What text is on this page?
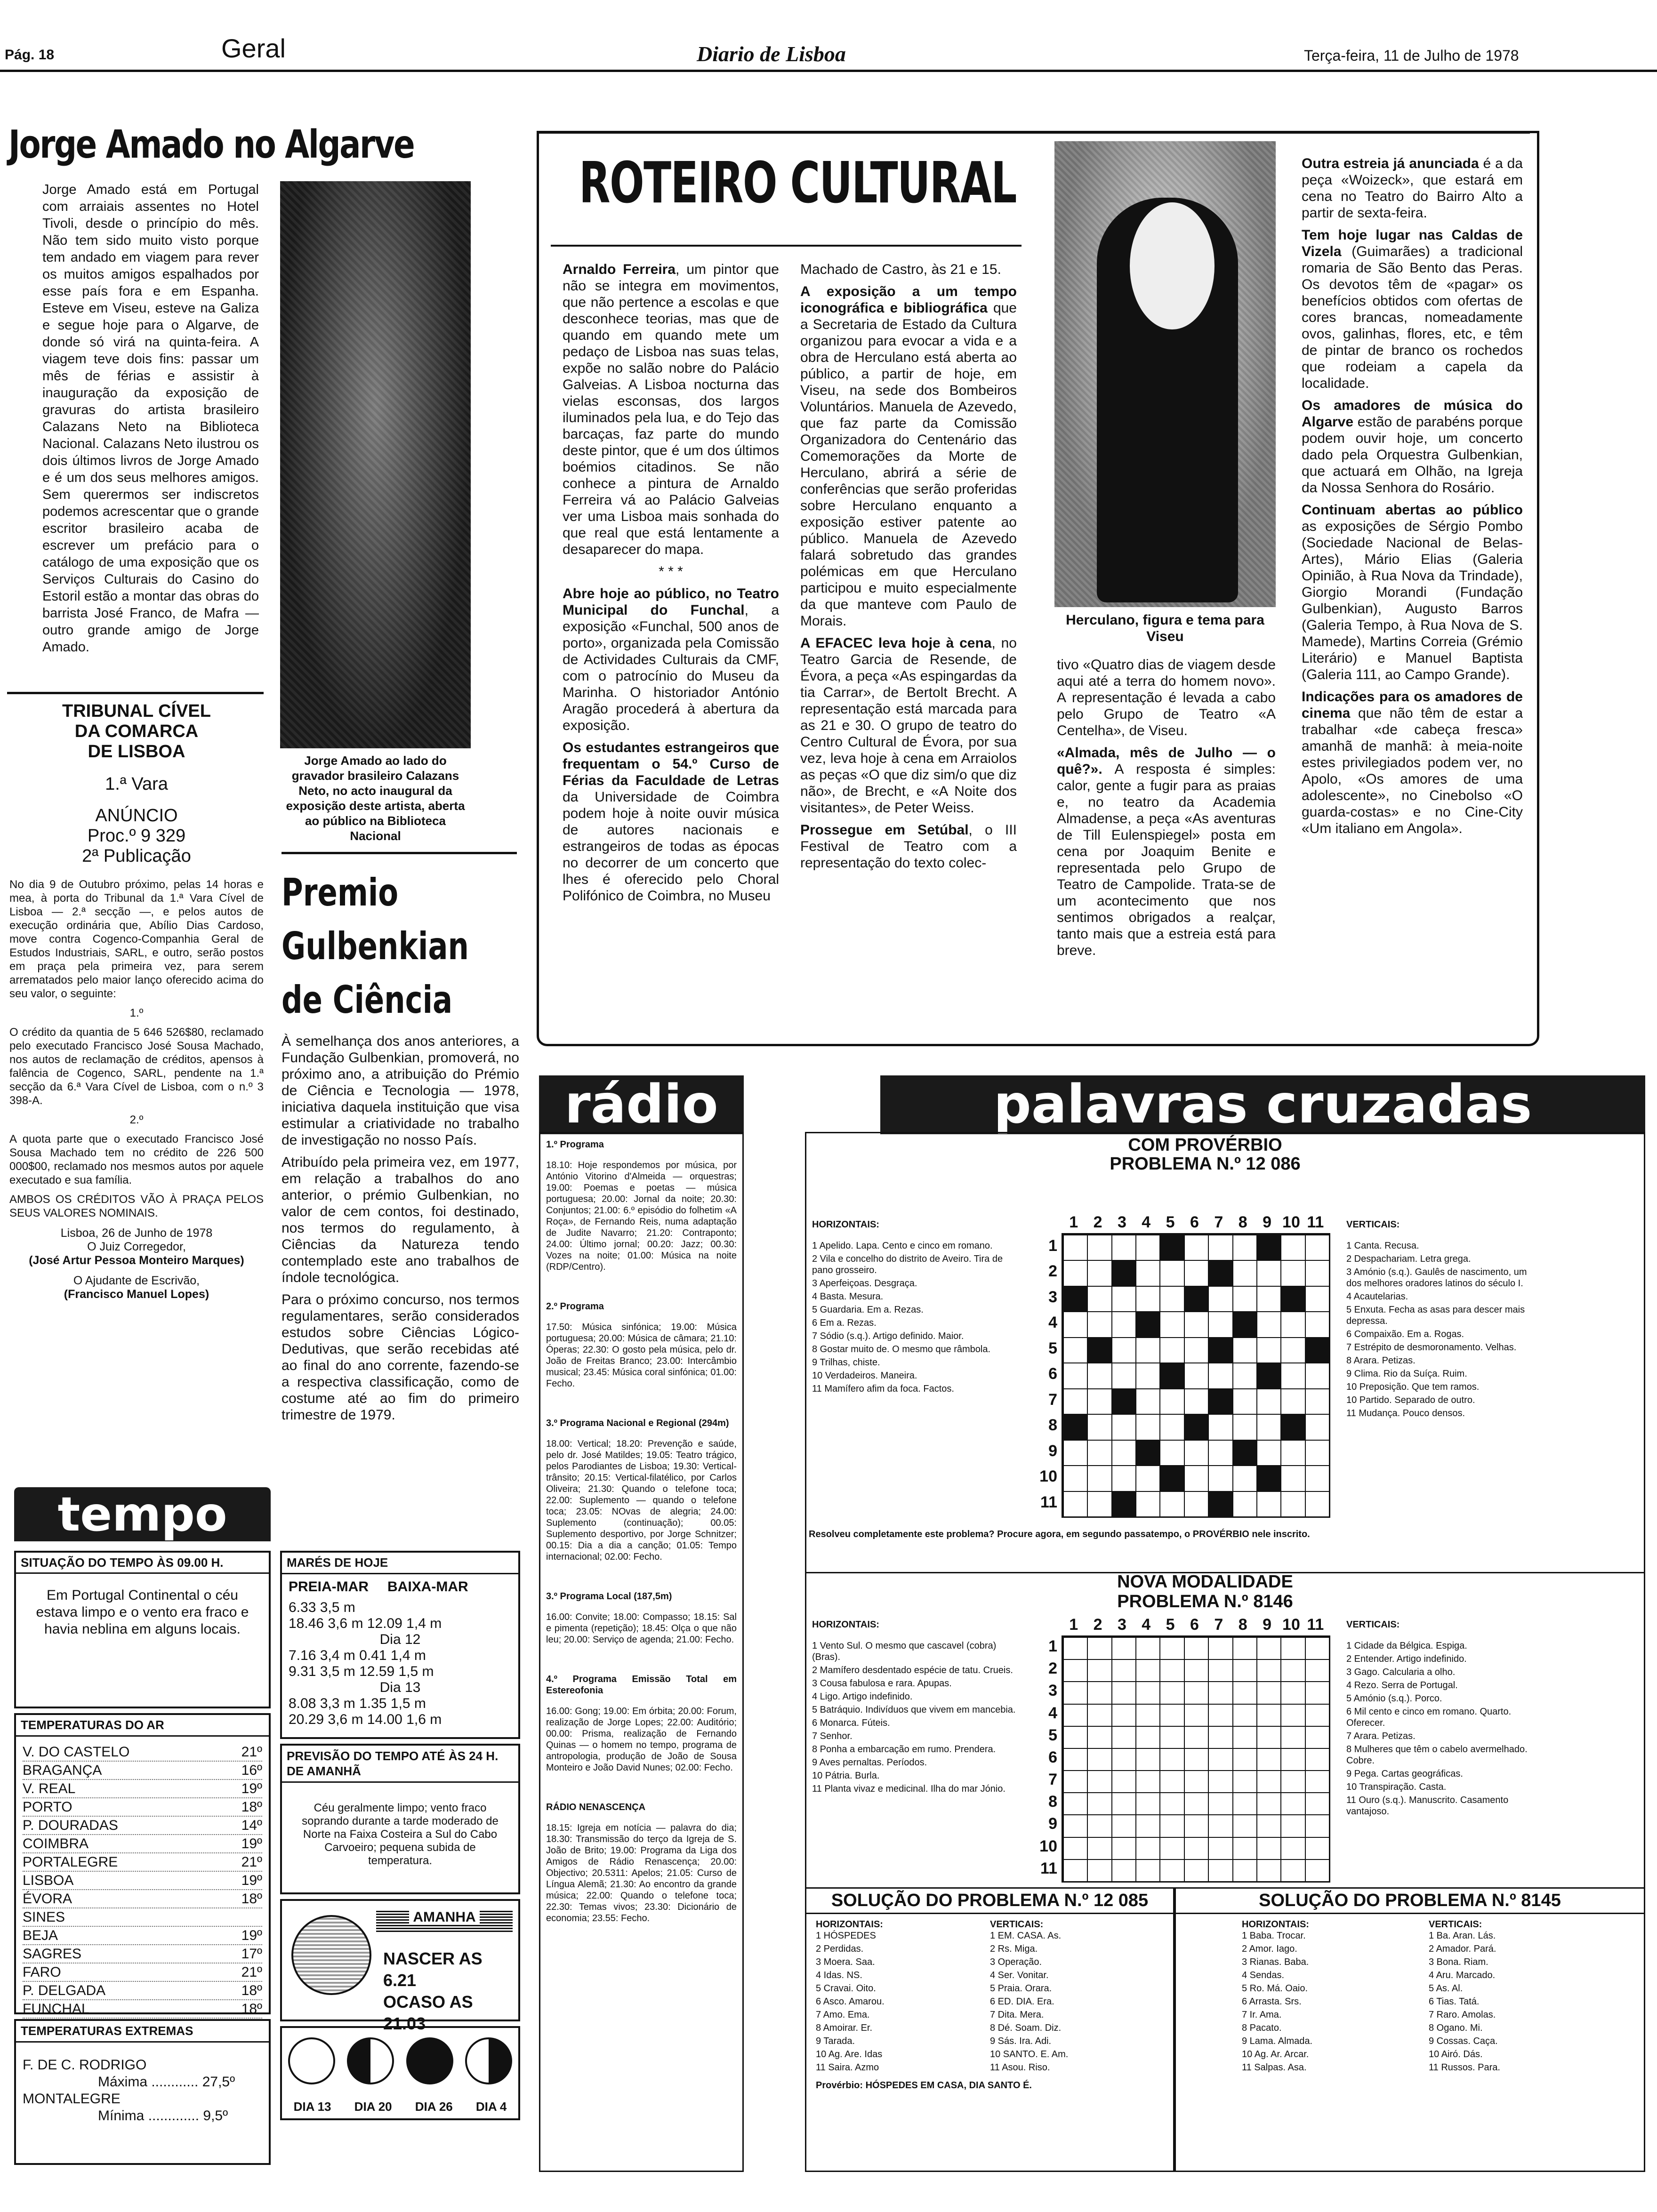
Pág. 18	Geral	Diario de Lisboa	Terça-feira, 11 de Julho de 1978
Jorge Amado no Algarve
Jorge Amado está em Portugal com arraiais assentes no Hotel Tivoli, desde o princípio do mês. Não tem sido muito visto porque tem andado em viagem para rever os muitos amigos espalhados por esse país fora e em Espanha. Esteve em Viseu, esteve na Galiza e segue hoje para o Algarve, de donde só virá na quinta-feira. A viagem teve dois fins: passar um mês de férias e assistir à inauguração da exposição de gravuras do artista brasileiro Calazans Neto na Biblioteca Nacional. Calazans Neto ilustrou os dois últimos livros de Jorge Amado e é um dos seus melhores amigos. Sem querermos ser indiscretos podemos acrescentar que o grande escritor brasileiro acaba de escrever um prefácio para o catálogo de uma exposição que os Serviços Culturais do Casino do Estoril estão a montar das obras do barrista José Franco, de Mafra — outro grande amigo de Jorge Amado.
Jorge Amado ao lado do gravador brasileiro Calazans Neto, no acto inaugural da exposição deste artista, aberta ao público na Biblioteca Nacional
TRIBUNAL CÍVEL
DA COMARCA
DE LISBOA
1.ª Vara
ANÚNCIO
Proc.º 9 329
2ª Publicação

No dia 9 de Outubro próximo, pelas 14 horas e mea, à porta do Tribunal da 1.ª Vara Cível de Lisboa — 2.ª secção —, e pelos autos de execução ordinária que, Abílio Dias Cardoso, move contra Cogenco-Companhia Geral de Estudos Industriais, SARL, e outro, serão postos em praça pela primeira vez, para serem arrematados pelo maior lanço oferecido acima do seu valor, o seguinte:

1.º

O crédito da quantia de 5 646 526$80, reclamado pelo executado Francisco José Sousa Machado, nos autos de reclamação de créditos, apensos à falência de Cogenco, SARL, pendente na 1.ª secção da 6.ª Vara Cível de Lisboa, com o n.º 3 398-A.

2.º

A quota parte que o executado Francisco José Sousa Machado tem no crédito de 226 500 000$00, reclamado nos mesmos autos por aquele executado e sua família.

AMBOS OS CRÉDITOS VÃO À PRAÇA PELOS SEUS VALORES NOMINAIS.

Lisboa, 26 de Junho de 1978
O Juiz Corregedor,
(José Artur Pessoa Monteiro Marques)
O Ajudante de Escrivão,
(Francisco Manuel Lopes)
Premio
Gulbenkian
de Ciência

À semelhança dos anos anteriores, a Fundação Gulbenkian, promoverá, no próximo ano, a atribuição do Prémio de Ciência e Tecnologia — 1978, iniciativa daquela instituição que visa estimular a criatividade no trabalho de investigação no nosso País.

Atribuído pela primeira vez, em 1977, em relação a trabalhos do ano anterior, o prémio Gulbenkian, no valor de cem contos, foi destinado, nos termos do regulamento, à Ciências da Natureza tendo contemplado este ano trabalhos de índole tecnológica.

Para o próximo concurso, nos termos regulamentares, serão considerados estudos sobre Ciências Lógico-Dedutivas, que serão recebidas até ao final do ano corrente, fazendo-se a respectiva classificação, como de costume até ao fim do primeiro trimestre de 1979.

ROTEIRO CULTURAL

Arnaldo Ferreira, um pintor que não se integra em movimentos, que não pertence a escolas e que desconhece teorias, mas que de quando em quando mete um pedaço de Lisboa nas suas telas, expõe no salão nobre do Palácio Galveias. A Lisboa nocturna das vielas esconsas, dos largos iluminados pela lua, e do Tejo das barcaças, faz parte do mundo deste pintor, que é um dos últimos boémios citadinos. Se não conhece a pintura de Arnaldo Ferreira vá ao Palácio Galveias ver uma Lisboa mais sonhada do que real que está lentamente a desaparecer do mapa.

* * *

Abre hoje ao público, no Teatro Municipal do Funchal, a exposição «Funchal, 500 anos de porto», organizada pela Comissão de Actividades Culturais da CMF, com o patrocínio do Museu da Marinha. O historiador António Aragão procederá à abertura da exposição.

Os estudantes estrangeiros que frequentam o 54.º Curso de Férias da Faculdade de Letras da Universidade de Coimbra podem hoje à noite ouvir música de autores nacionais e estrangeiros de todas as épocas no decorrer de um concerto que lhes é oferecido pelo Choral Polifónico de Coimbra, no Museu

Machado de Castro, às 21 e 15.

A exposição a um tempo iconográfica e bibliográfica que a Secretaria de Estado da Cultura organizou para evocar a vida e a obra de Herculano está aberta ao público, a partir de hoje, em Viseu, na sede dos Bombeiros Voluntários. Manuela de Azevedo, que faz parte da Comissão Organizadora do Centenário das Comemorações da Morte de Herculano, abrirá a série de conferências que serão proferidas sobre Herculano enquanto a exposição estiver patente ao público. Manuela de Azevedo falará sobretudo das grandes polémicas em que Herculano participou e muito especialmente da que manteve com Paulo de Morais.

A EFACEC leva hoje à cena, no Teatro Garcia de Resende, de Évora, a peça «As espingardas da tia Carrar», de Bertolt Brecht. A representação está marcada para as 21 e 30. O grupo de teatro do Centro Cultural de Évora, por sua vez, leva hoje à cena em Arraiolos as peças «O que diz sim/o que diz não», de Brecht, e «A Noite dos visitantes», de Peter Weiss.

Prossegue em Setúbal, o III Festival de Teatro com a representação do texto colec-

Herculano, figura e tema para Viseu

tivo «Quatro dias de viagem desde aqui até a terra do homem novo». A representação é levada a cabo pelo Grupo de Teatro «A Centelha», de Viseu.

«Almada, mês de Julho — o quê?». A resposta é simples: calor, gente a fugir para as praias e, no teatro da Academia Almadense, a peça «As aventuras de Till Eulenspiegel» posta em cena por Joaquim Benite e representada pelo Grupo de Teatro de Campolide. Trata-se de um acontecimento que nos sentimos obrigados a realçar, tanto mais que a estreia está para breve.

Outra estreia já anunciada é a da peça «Woizeck», que estará em cena no Teatro do Bairro Alto a partir de sexta-feira.

Tem hoje lugar nas Caldas de Vizela (Guimarães) a tradicional romaria de São Bento das Peras. Os devotos têm de «pagar» os benefícios obtidos com ofertas de cores brancas, nomeadamente ovos, galinhas, flores, etc, e têm de pintar de branco os rochedos que rodeiam a capela da localidade.

Os amadores de música do Algarve estão de parabéns porque podem ouvir hoje, um concerto dado pela Orquestra Gulbenkian, que actuará em Olhão, na Igreja da Nossa Senhora do Rosário.

Continuam abertas ao público as exposições de Sérgio Pombo (Sociedade Nacional de Belas-Artes), Mário Elias (Galeria Opinião, à Rua Nova da Trindade), Giorgio Morandi (Fundação Gulbenkian), Augusto Barros (Galeria Tempo, à Rua Nova de S. Mamede), Martins Correia (Grémio Literário) e Manuel Baptista (Galeria 111, ao Campo Grande).

Indicações para os amadores de cinema que não têm de estar a trabalhar «de cabeça fresca» amanhã de manhã: à meia-noite estes privilegiados podem ver, no Apolo, «Os amores de uma adolescente», no Cinebolso «O guarda-costas» e no Cine-City «Um italiano em Angola».

tempo
SITUAÇÃO DO TEMPO ÀS 09.00 H.
Em Portugal Continental o céu estava limpo e o vento era fraco e havia neblina em alguns locais.
TEMPERATURAS DO AR
V. DO CASTELO	21º
BRAGANÇA	16º
V. REAL	19º
PORTO	18º
P. DOURADAS	14º
COIMBRA	19º
PORTALEGRE	21º
LISBOA	19º
ÉVORA	18º
SINES
BEJA	19º
SAGRES	17º
FARO	21º
P. DELGADA	18º
FUNCHAL	18º
TEMPERATURAS EXTREMAS
F. DE C. RODRIGO
Máxima ............ 27,5º
MONTALEGRE
Mínima ............. 9,5º
MARÉS DE HOJE
PREIA-MAR BAIXA-MAR
6.33 3,5 m
18.46 3,6 m 12.09 1,4 m
Dia 12
7.16 3,4 m 0.41 1,4 m
9.31 3,5 m 12.59 1,5 m
Dia 13
8.08 3,3 m 1.35 1,5 m
20.29 3,6 m 14.00 1,6 m
PREVISÃO DO TEMPO ATÉ ÀS 24 H. DE AMANHÃ
Céu geralmente limpo; vento fraco soprando durante a tarde moderado de Norte na Faixa Costeira a Sul do Cabo Carvoeiro; pequena subida de temperatura.
AMANHA
NASCER AS 6.21
OCASO AS 21.03
DIA 13 DIA 20 DIA 26 DIA 4
rádio
1.º Programa

18.10: Hoje respondemos por música, por António Vitorino d'Almeida — orquestras; 19.00: Poemas e poetas — música portuguesa; 20.00: Jornal da noite; 20.30: Conjuntos; 21.00: 6.º episódio do folhetim «A Roça», de Fernando Reis, numa adaptação de Judite Navarro; 21.20: Contraponto; 24.00: Último jornal; 00.20: Jazz; 00.30: Vozes na noite; 01.00: Música na noite (RDP/Centro).

2.º Programa

17.50: Música sinfónica; 19.00: Música portuguesa; 20.00: Música de câmara; 21.10: Óperas; 22.30: O gosto pela música, pelo dr. João de Freitas Branco; 23.00: Intercâmbio musical; 23.45: Música coral sinfónica; 01.00: Fecho.

3.º Programa Nacional e Regional (294m)

18.00: Vertical; 18.20: Prevenção e saúde, pelo dr. José Matildes; 19.05: Teatro trágico, pelos Parodiantes de Lisboa; 19.30: Vertical-trânsito; 20.15: Vertical-filatélico, por Carlos Oliveira; 21.30: Quando o telefone toca; 22.00: Suplemento — quando o telefone toca; 23.05: NOvas de alegria; 24.00: Suplemento (continuação); 00.05: Suplemento desportivo, por Jorge Schnitzer; 00.15: Dia a dia a canção; 01.05: Tempo internacional; 02.00: Fecho.

3.º Programa Local (187,5m)

16.00: Convite; 18.00: Compasso; 18.15: Sal e pimenta (repetição); 18.45: Olça o que não leu; 20.00: Serviço de agenda; 21.00: Fecho.

4.º Programa Emissão Total em Estereofonia

16.00: Gong; 19.00: Em órbita; 20.00: Forum, realização de Jorge Lopes; 22.00: Auditório; 00.00: Prisma, realização de Fernando Quinas — o homem no tempo, programa de antropologia, produção de João de Sousa Monteiro e João David Nunes; 02.00: Fecho.

RÁDIO NENASCENÇA

18.15: Igreja em notícia — palavra do dia; 18.30: Transmissão do terço da Igreja de S. João de Brito; 19.00: Programa da Liga dos Amigos de Rádio Renascença; 20.00: Objectivo; 20.5311: Apelos; 21.05: Curso de Língua Alemã; 21.30: Ao encontro da grande música; 22.00: Quando o telefone toca; 22.30: Temas vivos; 23.30: Dicionário de economia; 23.55: Fecho.

palavras cruzadas
COM PROVÉRBIO
PROBLEMA N.º 12 086
HORIZONTAIS:
1 Apelido. Lapa. Cento e cinco em romano.
2 Vila e concelho do distrito de Aveiro. Tira de pano grosseiro.
3 Aperfeiçoas. Desgraça.
4 Basta. Mesura.
5 Guardaria. Em a. Rezas.
6 Em a. Rezas.
7 Sódio (s.q.). Artigo definido. Maior.
8 Gostar muito de. O mesmo que râmbola.
9 Trilhas, chiste.
10 Verdadeiros. Maneira.
11 Mamífero afim da foca. Factos.
VERTICAIS:
1 Canta. Recusa.
2 Despachariam. Letra grega.
3 Amónio (s.q.). Gaulês de nascimento, um dos melhores oradores latinos do século I.
4 Acautelarias.
5 Enxuta. Fecha as asas para descer mais depressa.
6 Compaixão. Em a. Rogas.
7 Estrépito de desmoronamento. Velhas.
8 Arara. Petizas.
9 Clima. Rio da Suíça. Ruim.
10 Preposição. Que tem ramos.
10 Partido. Separado de outro.
11 Mudança. Pouco densos.
1 2 3 4 5 6 7 8 9 10 11
1
2
3
4
5
6
7
8
9
10
11
Resolveu completamente este problema? Procure agora, em segundo passatempo, o PROVÉRBIO nele inscrito.
NOVA MODALIDADE
PROBLEMA N.º 8146
HORIZONTAIS:
1 Vento Sul. O mesmo que cascavel (cobra) (Bras).
2 Mamífero desdentado espécie de tatu. Crueis.
3 Cousa fabulosa e rara. Apupas.
4 Ligo. Artigo indefinido.
5 Batráquio. Indivíduos que vivem em mancebia.
6 Monarca. Fúteis.
7 Senhor.
8 Ponha a embarcação em rumo. Prendera.
9 Aves pernaltas. Períodos.
10 Pátria. Burla.
11 Planta vivaz e medicinal. Ilha do mar Jónio.
VERTICAIS:
1 Cidade da Bélgica. Espiga.
2 Entender. Artigo indefinido.
3 Gago. Calcularia a olho.
4 Rezo. Serra de Portugal.
5 Amónio (s.q.). Porco.
6 Mil cento e cinco em romano. Quarto. Oferecer.
7 Arara. Petizas.
8 Mulheres que têm o cabelo avermelhado. Cobre.
9 Pega. Cartas geográficas.
10 Transpiração. Casta.
11 Ouro (s.q.). Manuscrito. Casamento vantajoso.
1 2 3 4 5 6 7 8 9 10 11
1
2
3
4
5
6
7
8
9
10
11
SOLUÇÃO DO PROBLEMA N.º 12 085
HORIZONTAIS:
1 HÓSPEDES
2 Perdidas.
3 Moera. Saa.
4 Idas. NS.
5 Cravai. Oito.
6 Asco. Amarou.
7 Amo. Ema.
8 Amoirar. Er.
9 Tarada.
10 Ag. Are. Idas
11 Saira. Azmo
VERTICAIS:
1 EM. CASA. As.
2 Rs. Miga.
3 Operação.
4 Ser. Vonitar.
5 Praia. Orara.
6 ED. DIA. Era.
7 Dita. Mera.
8 Dé. Soam. Diz.
9 Sás. Ira. Adi.
10 SANTO. E. Am.
11 Asou. Riso.
Provérbio: HÓSPEDES EM CASA, DIA SANTO É.
SOLUÇÃO DO PROBLEMA N.º 8145
HORIZONTAIS:
1 Baba. Trocar.
2 Amor. Iago.
3 Rianas. Baba.
4 Sendas.
5 Ro. Má. Oaio.
6 Arrasta. Srs.
7 Ir. Ama.
8 Pacato.
9 Lama. Almada.
10 Ag. Ar. Arcar.
11 Salpas. Asa.
VERTICAIS:
1 Ba. Aran. Lás.
2 Amador. Pará.
3 Bona. Riam.
4 Aru. Marcado.
5 As. Al.
6 Tias. Tatá.
7 Raro. Amolas.
8 Ogano. Mi.
9 Cossas. Caça.
10 Airó. Dás.
11 Russos. Para.
